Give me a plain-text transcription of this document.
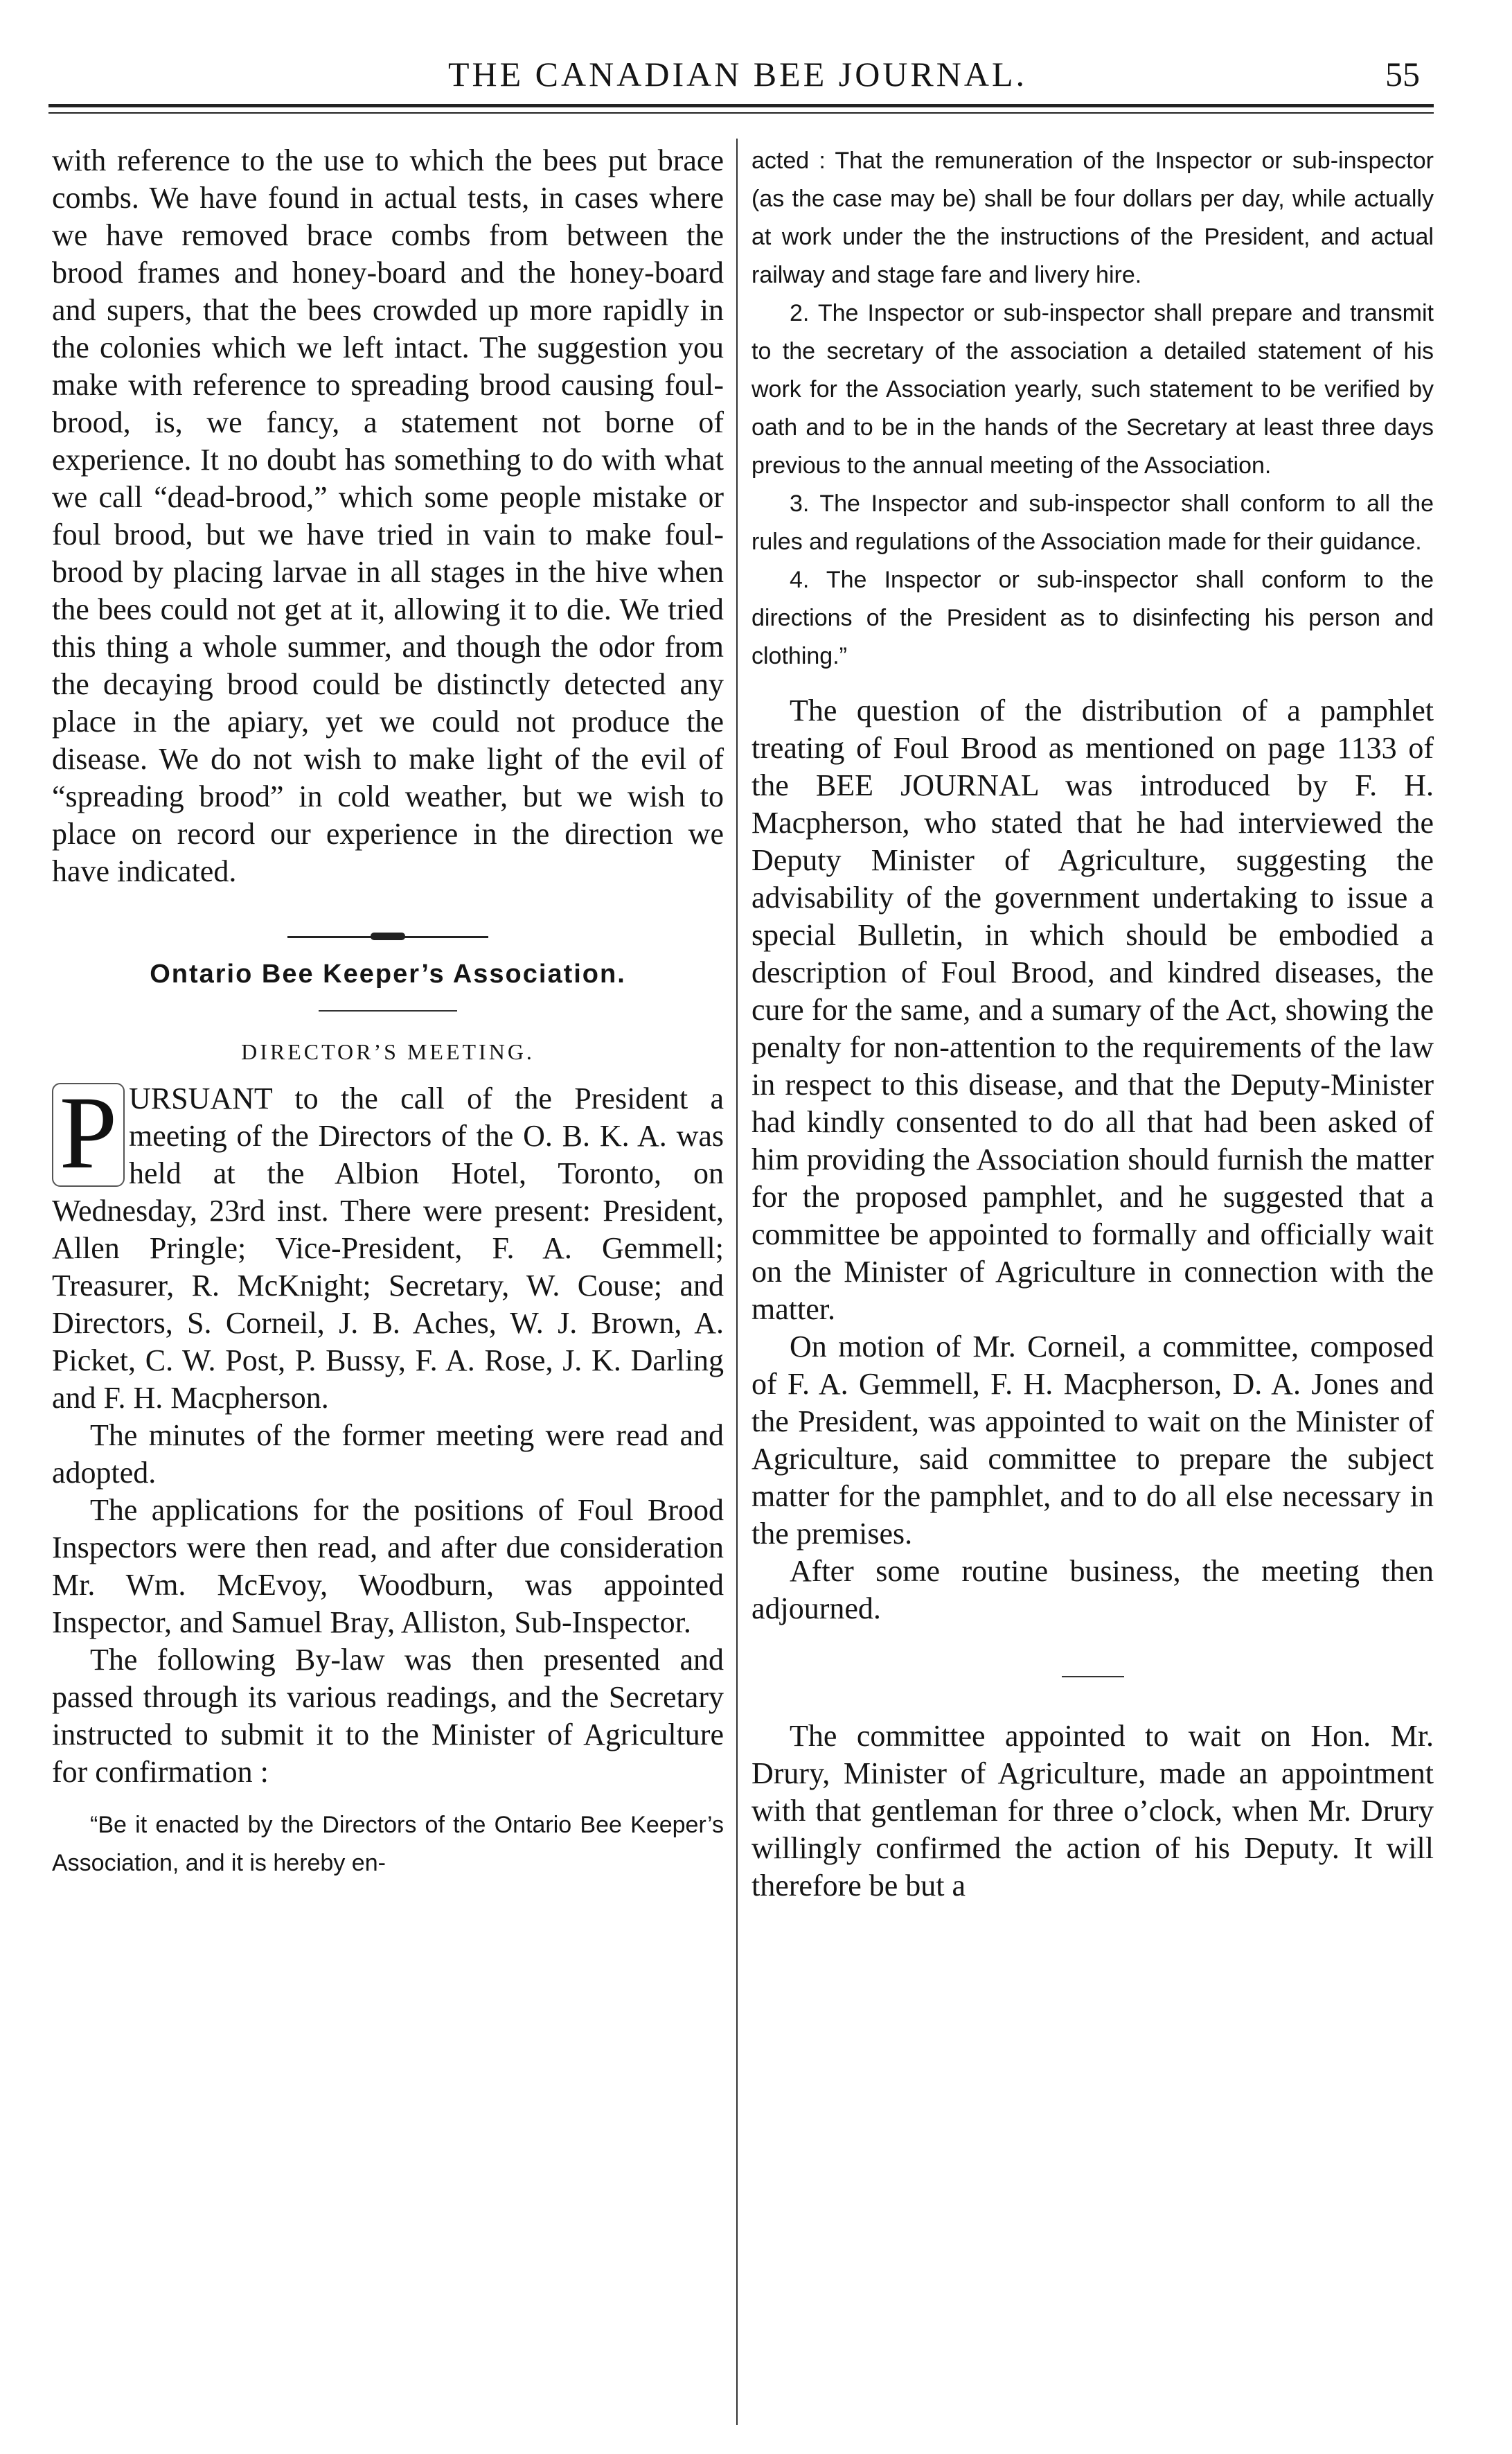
THE CANADIAN BEE JOURNAL.	55

with reference to the use to which the bees put brace combs. We have found in actual tests, in cases where we have removed brace combs from between the brood frames and honey-board and the honey-board and supers, that the bees crowded up more rapidly in the colonies which we left intact. The suggestion you make with reference to spreading brood causing foul-brood, is, we fancy, a statement not borne of experience. It no doubt has something to do with what we call “dead-brood,” which some people mistake or foul brood, but we have tried in vain to make foul-brood by placing larvae in all stages in the hive when the bees could not get at it, allowing it to die. We tried this thing a whole summer, and though the odor from the decaying brood could be distinctly detected any place in the apiary, yet we could not produce the disease. We do not wish to make light of the evil of “spreading brood” in cold weather, but we wish to place on record our experience in the direction we have indicated.

Ontario Bee Keeper’s Association.
DIRECTOR’S MEETING.

P URSUANT to the call of the President a meeting of the Directors of the O. B. K. A. was held at the Albion Hotel, Toronto, on Wednesday, 23rd inst. There were present: President, Allen Pringle; Vice-President, F. A. Gemmell; Treasurer, R. McKnight; Secretary, W. Couse; and Directors, S. Corneil, J. B. Aches, W. J. Brown, A. Picket, C. W. Post, P. Bussy, F. A. Rose, J. K. Darling and F. H. Macpherson.

The minutes of the former meeting were read and adopted.

The applications for the positions of Foul Brood Inspectors were then read, and after due consideration Mr. Wm. McEvoy, Woodburn, was appointed Inspector, and Samuel Bray, Alliston, Sub-Inspector.

The following By-law was then presented and passed through its various readings, and the Secretary instructed to submit it to the Minister of Agriculture for confirmation :

“Be it enacted by the Directors of the Ontario Bee Keeper’s Association, and it is hereby en-

acted : That the remuneration of the Inspector or sub-inspector (as the case may be) shall be four dollars per day, while actually at work under the the instructions of the President, and actual railway and stage fare and livery hire.

2. The Inspector or sub-inspector shall prepare and transmit to the secretary of the association a detailed statement of his work for the Association yearly, such statement to be verified by oath and to be in the hands of the Secretary at least three days previous to the annual meeting of the Association.

3. The Inspector and sub-inspector shall conform to all the rules and regulations of the Association made for their guidance.

4. The Inspector or sub-inspector shall conform to the directions of the President as to disinfecting his person and clothing.”

The question of the distribution of a pamphlet treating of Foul Brood as mentioned on page 1133 of the BEE JOURNAL was introduced by F. H. Macpherson, who stated that he had interviewed the Deputy Minister of Agriculture, suggesting the advisability of the government undertaking to issue a special Bulletin, in which should be embodied a description of Foul Brood, and kindred diseases, the cure for the same, and a sumary of the Act, showing the penalty for non-attention to the requirements of the law in respect to this disease, and that the Deputy-Minister had kindly consented to do all that had been asked of him providing the Association should furnish the matter for the proposed pamphlet, and he suggested that a committee be appointed to formally and officially wait on the Minister of Agriculture in connection with the matter.

On motion of Mr. Corneil, a committee, composed of F. A. Gemmell, F. H. Macpherson, D. A. Jones and the President, was appointed to wait on the Minister of Agriculture, said committee to prepare the subject matter for the pamphlet, and to do all else necessary in the premises.

After some routine business, the meeting then adjourned.

The committee appointed to wait on Hon. Mr. Drury, Minister of Agriculture, made an appointment with that gentleman for three o’clock, when Mr. Drury willingly confirmed the action of his Deputy. It will therefore be but a
